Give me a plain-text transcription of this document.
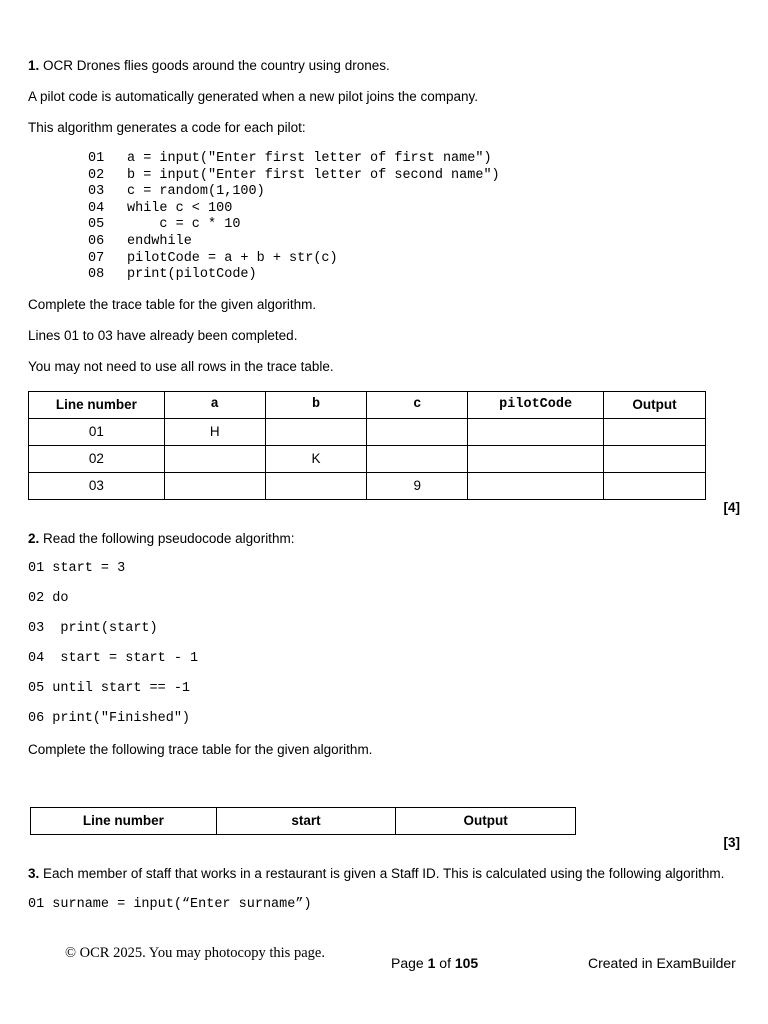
1. OCR Drones flies goods around the country using drones.

A pilot code is automatically generated when a new pilot joins the company.

This algorithm generates a code for each pilot:

01 a = input("Enter first letter of first name")
02 b = input("Enter first letter of second name")
03 c = random(1,100)
04 while c < 100
05    c = c * 10
06 endwhile
07 pilotCode = a + b + str(c)
08 print(pilotCode)

Complete the trace table for the given algorithm.

Lines 01 to 03 have already been completed.

You may not need to use all rows in the trace table.

Line number	a	b	c	pilotCode	Output
01	H				
02		K			
03			9		

[4]

2. Read the following pseudocode algorithm:

01 start = 3

02 do

03  print(start)

04  start = start - 1

05 until start == -1

06 print("Finished")

Complete the following trace table for the given algorithm.

Line number	start	Output

[3]

3. Each member of staff that works in a restaurant is given a Staff ID. This is calculated using the following algorithm.

01 surname = input(“Enter surname”)

© OCR 2025. You may photocopy this page.
Page 1 of 105	Created in ExamBuilder
